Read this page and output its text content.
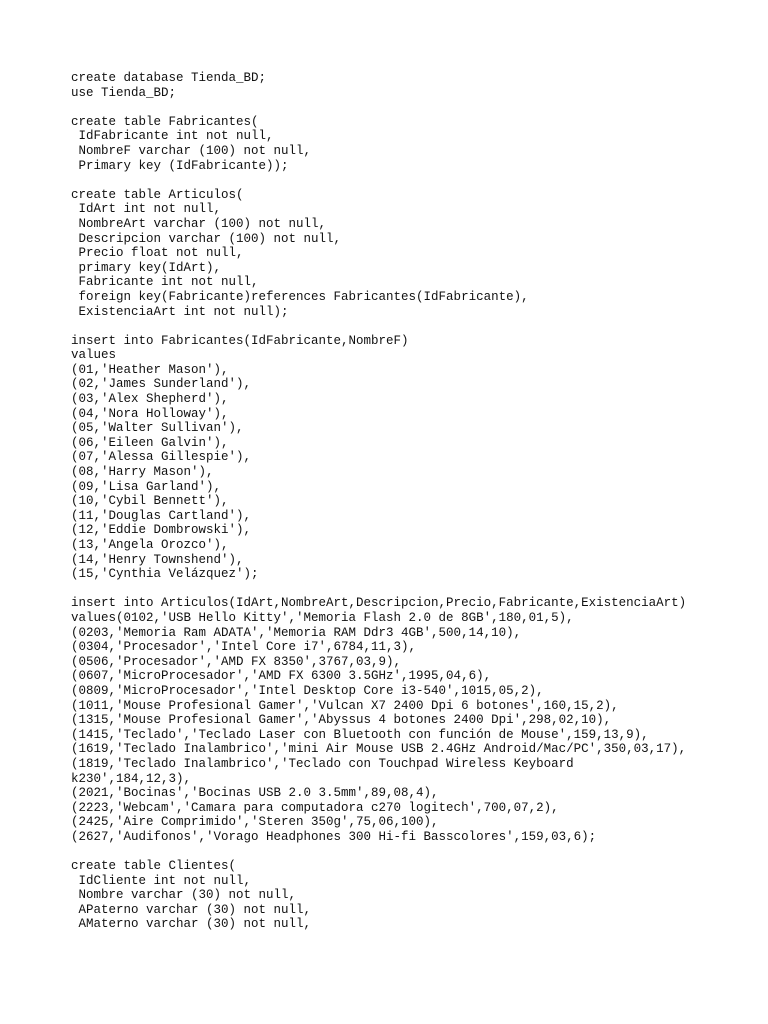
create database Tienda_BD;
use Tienda_BD;
create table Fabricantes(
IdFabricante int not null,
NombreF varchar (100) not null,
Primary key (IdFabricante));
create table Articulos(
IdArt int not null,
NombreArt varchar (100) not null,
Descripcion varchar (100) not null,
Precio float not null,
primary key(IdArt),
Fabricante int not null,
foreign key(Fabricante)references Fabricantes(IdFabricante),
ExistenciaArt int not null);
insert into Fabricantes(IdFabricante,NombreF)
values
(01,'Heather Mason'),
(02,'James Sunderland'),
(03,'Alex Shepherd'),
(04,'Nora Holloway'),
(05,'Walter Sullivan'),
(06,'Eileen Galvin'),
(07,'Alessa Gillespie'),
(08,'Harry Mason'),
(09,'Lisa Garland'),
(10,'Cybil Bennett'),
(11,'Douglas Cartland'),
(12,'Eddie Dombrowski'),
(13,'Angela Orozco'),
(14,'Henry Townshend'),
(15,'Cynthia Velázquez');
insert into Articulos(IdArt,NombreArt,Descripcion,Precio,Fabricante,ExistenciaArt)
values(0102,'USB Hello Kitty','Memoria Flash 2.0 de 8GB',180,01,5),
(0203,'Memoria Ram ADATA','Memoria RAM Ddr3 4GB',500,14,10),
(0304,'Procesador','Intel Core i7',6784,11,3),
(0506,'Procesador','AMD FX 8350',3767,03,9),
(0607,'MicroProcesador','AMD FX 6300 3.5GHz',1995,04,6),
(0809,'MicroProcesador','Intel Desktop Core i3-540',1015,05,2),
(1011,'Mouse Profesional Gamer','Vulcan X7 2400 Dpi 6 botones',160,15,2),
(1315,'Mouse Profesional Gamer','Abyssus 4 botones 2400 Dpi',298,02,10),
(1415,'Teclado','Teclado Laser con Bluetooth con función de Mouse',159,13,9),
(1619,'Teclado Inalambrico','mini Air Mouse USB 2.4GHz Android/Mac/PC',350,03,17),
(1819,'Teclado Inalambrico','Teclado con Touchpad Wireless Keyboard
k230',184,12,3),
(2021,'Bocinas','Bocinas USB 2.0 3.5mm',89,08,4),
(2223,'Webcam','Camara para computadora c270 logitech',700,07,2),
(2425,'Aire Comprimido','Steren 350g',75,06,100),
(2627,'Audifonos','Vorago Headphones 300 Hi-fi Basscolores',159,03,6);
create table Clientes(
IdCliente int not null,
Nombre varchar (30) not null,
APaterno varchar (30) not null,
AMaterno varchar (30) not null,
